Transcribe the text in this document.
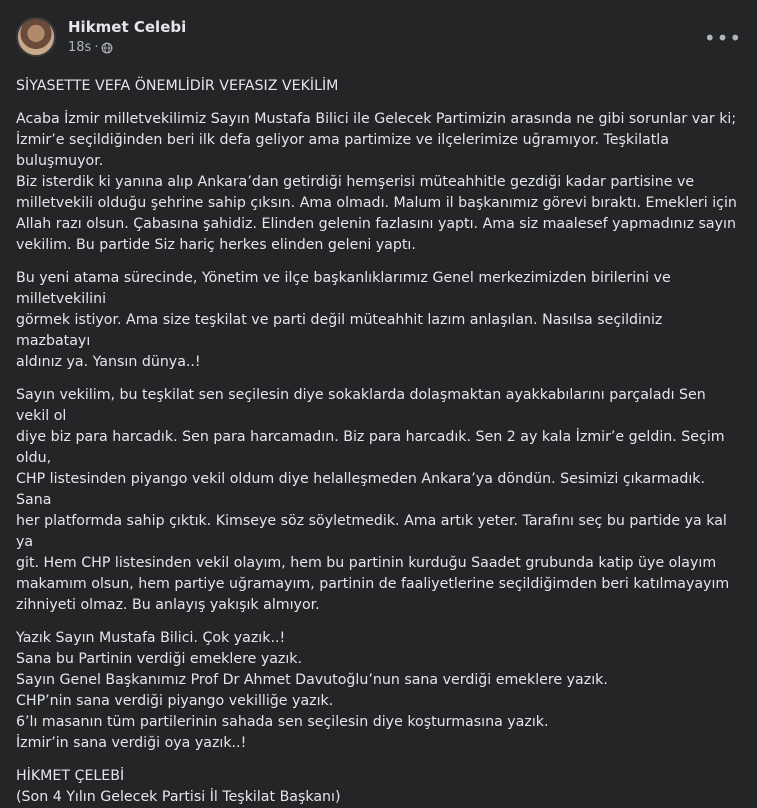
Hikmet Celebi
18s ·	•••

SİYASETTE VEFA ÖNEMLİDİR VEFASIZ VEKİLİM

Acaba İzmir milletvekilimiz Sayın Mustafa Bilici ile Gelecek Partimizin arasında ne gibi sorunlar var ki;
İzmir’e seçildiğinden beri ilk defa geliyor ama partimize ve ilçelerimize uğramıyor. Teşkilatla buluşmuyor.
Biz isterdik ki yanına alıp Ankara’dan getirdiği hemşerisi müteahhitle gezdiği kadar partisine ve
milletvekili olduğu şehrine sahip çıksın. Ama olmadı. Malum il başkanımız görevi bıraktı. Emekleri için
Allah razı olsun. Çabasına şahidiz. Elinden gelenin fazlasını yaptı. Ama siz maalesef yapmadınız sayın
vekilim. Bu partide Siz hariç herkes elinden geleni yaptı.

Bu yeni atama sürecinde, Yönetim ve ilçe başkanlıklarımız Genel merkezimizden birilerini ve milletvekilini
görmek istiyor. Ama size teşkilat ve parti değil müteahhit lazım anlaşılan. Nasılsa seçildiniz mazbatayı
aldınız ya. Yansın dünya..!

Sayın vekilim, bu teşkilat sen seçilesin diye sokaklarda dolaşmaktan ayakkabılarını parçaladı Sen vekil ol
diye biz para harcadık. Sen para harcamadın. Biz para harcadık. Sen 2 ay kala İzmir’e geldin. Seçim oldu,
CHP listesinden piyango vekil oldum diye helalleşmeden Ankara’ya döndün. Sesimizi çıkarmadık. Sana
her platformda sahip çıktık. Kimseye söz söyletmedik. Ama artık yeter. Tarafını seç bu partide ya kal ya
git. Hem CHP listesinden vekil olayım, hem bu partinin kurduğu Saadet grubunda katip üye olayım
makamım olsun, hem partiye uğramayım, partinin de faaliyetlerine seçildiğimden beri katılmayayım
zihniyeti olmaz. Bu anlayış yakışık almıyor.

Yazık Sayın Mustafa Bilici. Çok yazık..!
Sana bu Partinin verdiği emeklere yazık.
Sayın Genel Başkanımız Prof Dr Ahmet Davutoğlu’nun sana verdiği emeklere yazık.
CHP’nin sana verdiği piyango vekilliğe yazık.
6’lı masanın tüm partilerinin sahada sen seçilesin diye koşturmasına yazık.
İzmir’in sana verdiği oya yazık..!

HİKMET ÇELEBİ
(Son 4 Yılın Gelecek Partisi İl Teşkilat Başkanı)
